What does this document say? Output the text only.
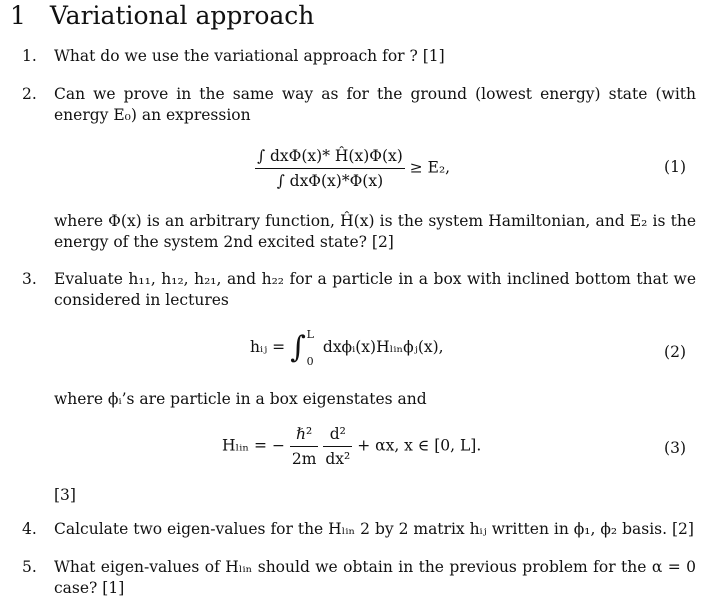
1 Variational approach
1. What do we use the variational approach for ? [1]
2. Can we prove in the same way as for the ground (lowest energy) state (with energy E₀) an expression
$\frac{\text{∫ dxΦ(x)* Ĥ(x)Φ(x)}}{\text{∫ dxΦ(x)*Φ(x)}} \ge E_2$,	(1)
where Φ(x) is an arbitrary function, Ĥ(x) is the system Hamiltonian, and E₂ is the energy of the system 2nd excited state? [2]
3. Evaluate h₁₁, h₁₂, h₂₁, and h₂₂ for a particle in a box with inclined bottom that we considered in lectures
hᵢⱼ = ∫ L
0
dxϕᵢ(x)Hₗᵢₙϕⱼ(x),	(2)
where ϕᵢ’s are particle in a box eigenstates and
Hₗᵢₙ = − $\frac{\text{ℏ²}}{2m}$
$\frac{\text{d²}}{\text{dx²}} + \alpha x$, x ∈ [0, L].	(3)
[3]
4. Calculate two eigen-values for the Hₗᵢₙ 2 by 2 matrix hᵢⱼ written in ϕ₁, ϕ₂ basis. [2]
5. What eigen-values of Hₗᵢₙ should we obtain in the previous problem for the α = 0 case? [1]
